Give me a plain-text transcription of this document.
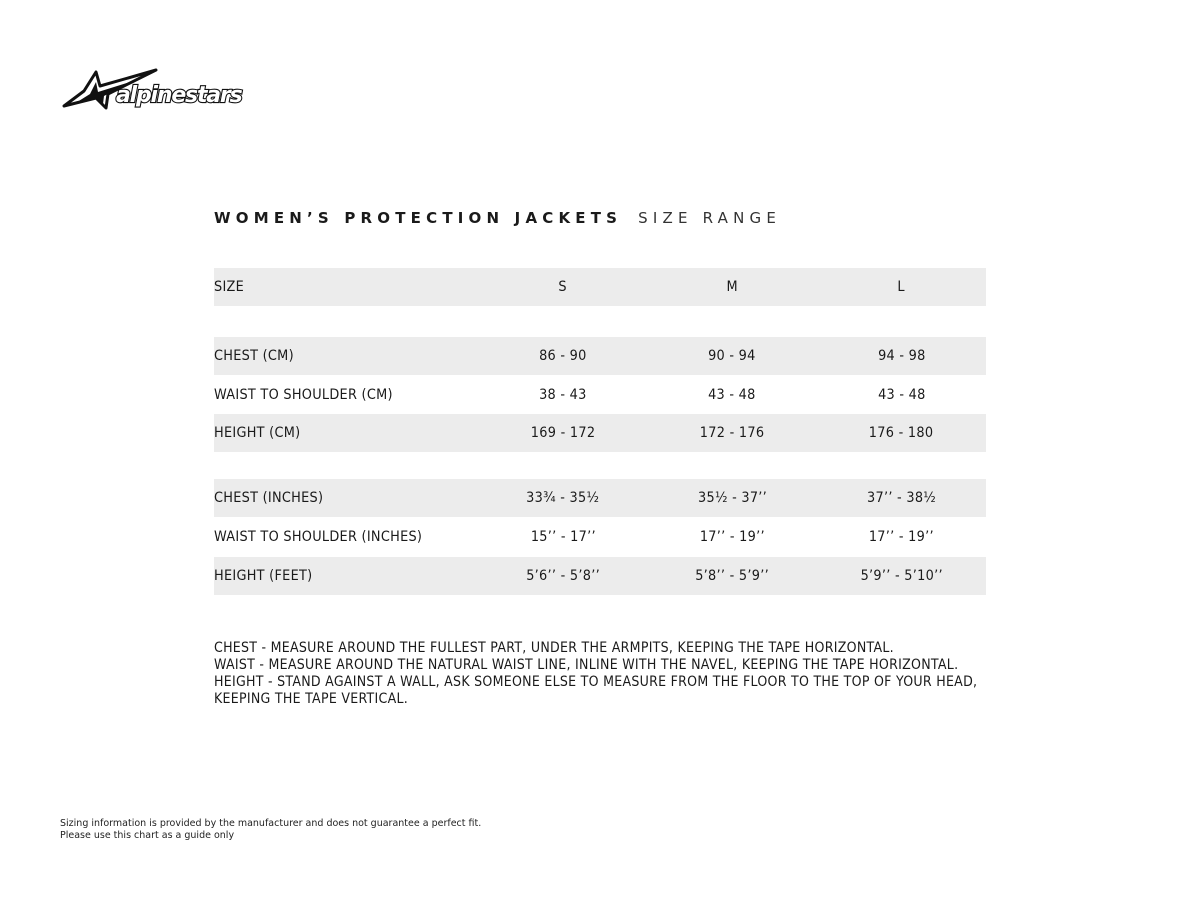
alpinestars
WOMEN’S PROTECTION JACKETS SIZE RANGE
SIZE	S	M	L
CHEST (CM)	86 - 90	90 - 94	94 - 98
WAIST TO SHOULDER (CM)	38 - 43	43 - 48	43 - 48
HEIGHT (CM)	169 - 172	172 - 176	176 - 180
CHEST (INCHES)	33¾ - 35½	35½ - 37’’	37’’ - 38½
WAIST TO SHOULDER (INCHES)	15’’ - 17’’	17’’ - 19’’	17’’ - 19’’
HEIGHT (FEET)	5’6’’ - 5’8’’	5’8’’ - 5’9’’	5’9’’ - 5’10’’
CHEST - MEASURE AROUND THE FULLEST PART, UNDER THE ARMPITS, KEEPING THE TAPE HORIZONTAL.
WAIST - MEASURE AROUND THE NATURAL WAIST LINE, INLINE WITH THE NAVEL, KEEPING THE TAPE HORIZONTAL.
HEIGHT - STAND AGAINST A WALL, ASK SOMEONE ELSE TO MEASURE FROM THE FLOOR TO THE TOP OF YOUR HEAD,
KEEPING THE TAPE VERTICAL.
Sizing information is provided by the manufacturer and does not guarantee a perfect fit.
Please use this chart as a guide only
